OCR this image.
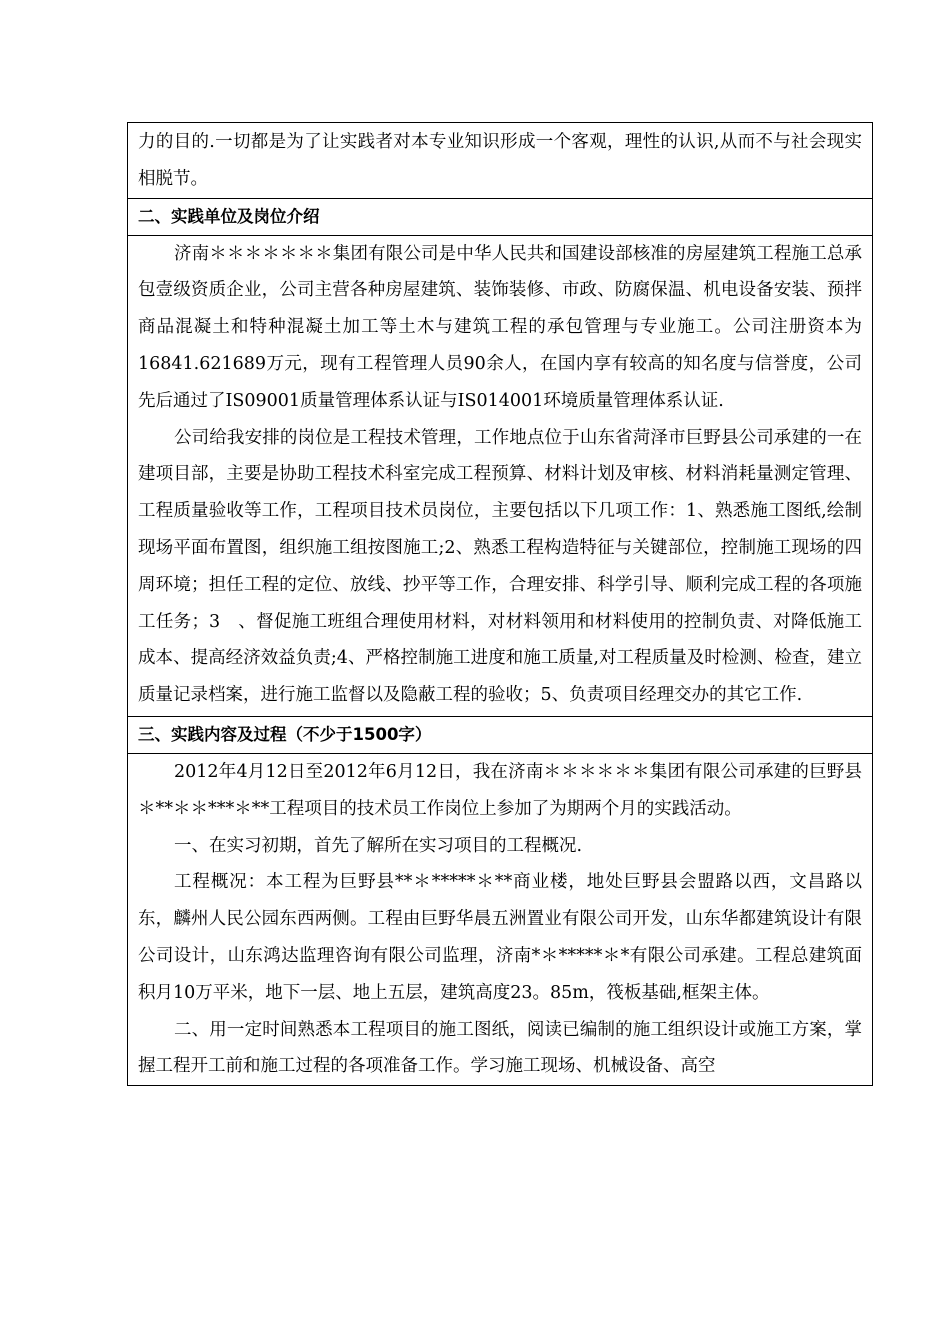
力的目的.一切都是为了让实践者对本专业知识形成一个客观，理性的认识,从而不与社会现实相脱节。

二、实践单位及岗位介绍

济南＊＊＊＊＊＊＊集团有限公司是中华人民共和国建设部核准的房屋建筑工程施工总承包壹级资质企业，公司主营各种房屋建筑、装饰装修、市政、防腐保温、机电设备安装、预拌商品混凝土和特种混凝土加工等土木与建筑工程的承包管理与专业施工。公司注册资本为16841.621689万元，现有工程管理人员90余人，在国内享有较高的知名度与信誉度，公司先后通过了IS09001质量管理体系认证与IS014001环境质量管理体系认证.

公司给我安排的岗位是工程技术管理，工作地点位于山东省菏泽市巨野县公司承建的一在建项目部，主要是协助工程技术科室完成工程预算、材料计划及审核、材料消耗量测定管理、工程质量验收等工作，工程项目技术员岗位，主要包括以下几项工作：1、熟悉施工图纸,绘制现场平面布置图，组织施工组按图施工;2、熟悉工程构造特征与关键部位，控制施工现场的四周环境；担任工程的定位、放线、抄平等工作，合理安排、科学引导、顺利完成工程的各项施工任务；3　、督促施工班组合理使用材料，对材料领用和材料使用的控制负责、对降低施工成本、提高经济效益负责;4、严格控制施工进度和施工质量,对工程质量及时检测、检查，建立质量记录档案，进行施工监督以及隐蔽工程的验收；5、负责项目经理交办的其它工作.

三、实践内容及过程（不少于1500字）

2012年4月12日至2012年6月12日，我在济南＊＊＊＊＊＊集团有限公司承建的巨野县＊**＊＊***＊**工程项目的技术员工作岗位上参加了为期两个月的实践活动。

一、在实习初期，首先了解所在实习项目的工程概况.

工程概况：本工程为巨野县**＊*****＊**商业楼，地处巨野县会盟路以西，文昌路以东，麟州人民公园东西两侧。工程由巨野华晨五洲置业有限公司开发，山东华都建筑设计有限公司设计，山东鸿达监理咨询有限公司监理，济南*＊*****＊*有限公司承建。工程总建筑面积月10万平米，地下一层、地上五层，建筑高度23。85m，筏板基础,框架主体。

二、用一定时间熟悉本工程项目的施工图纸，阅读已编制的施工组织设计或施工方案，掌握工程开工前和施工过程的各项准备工作。学习施工现场、机械设备、高空
